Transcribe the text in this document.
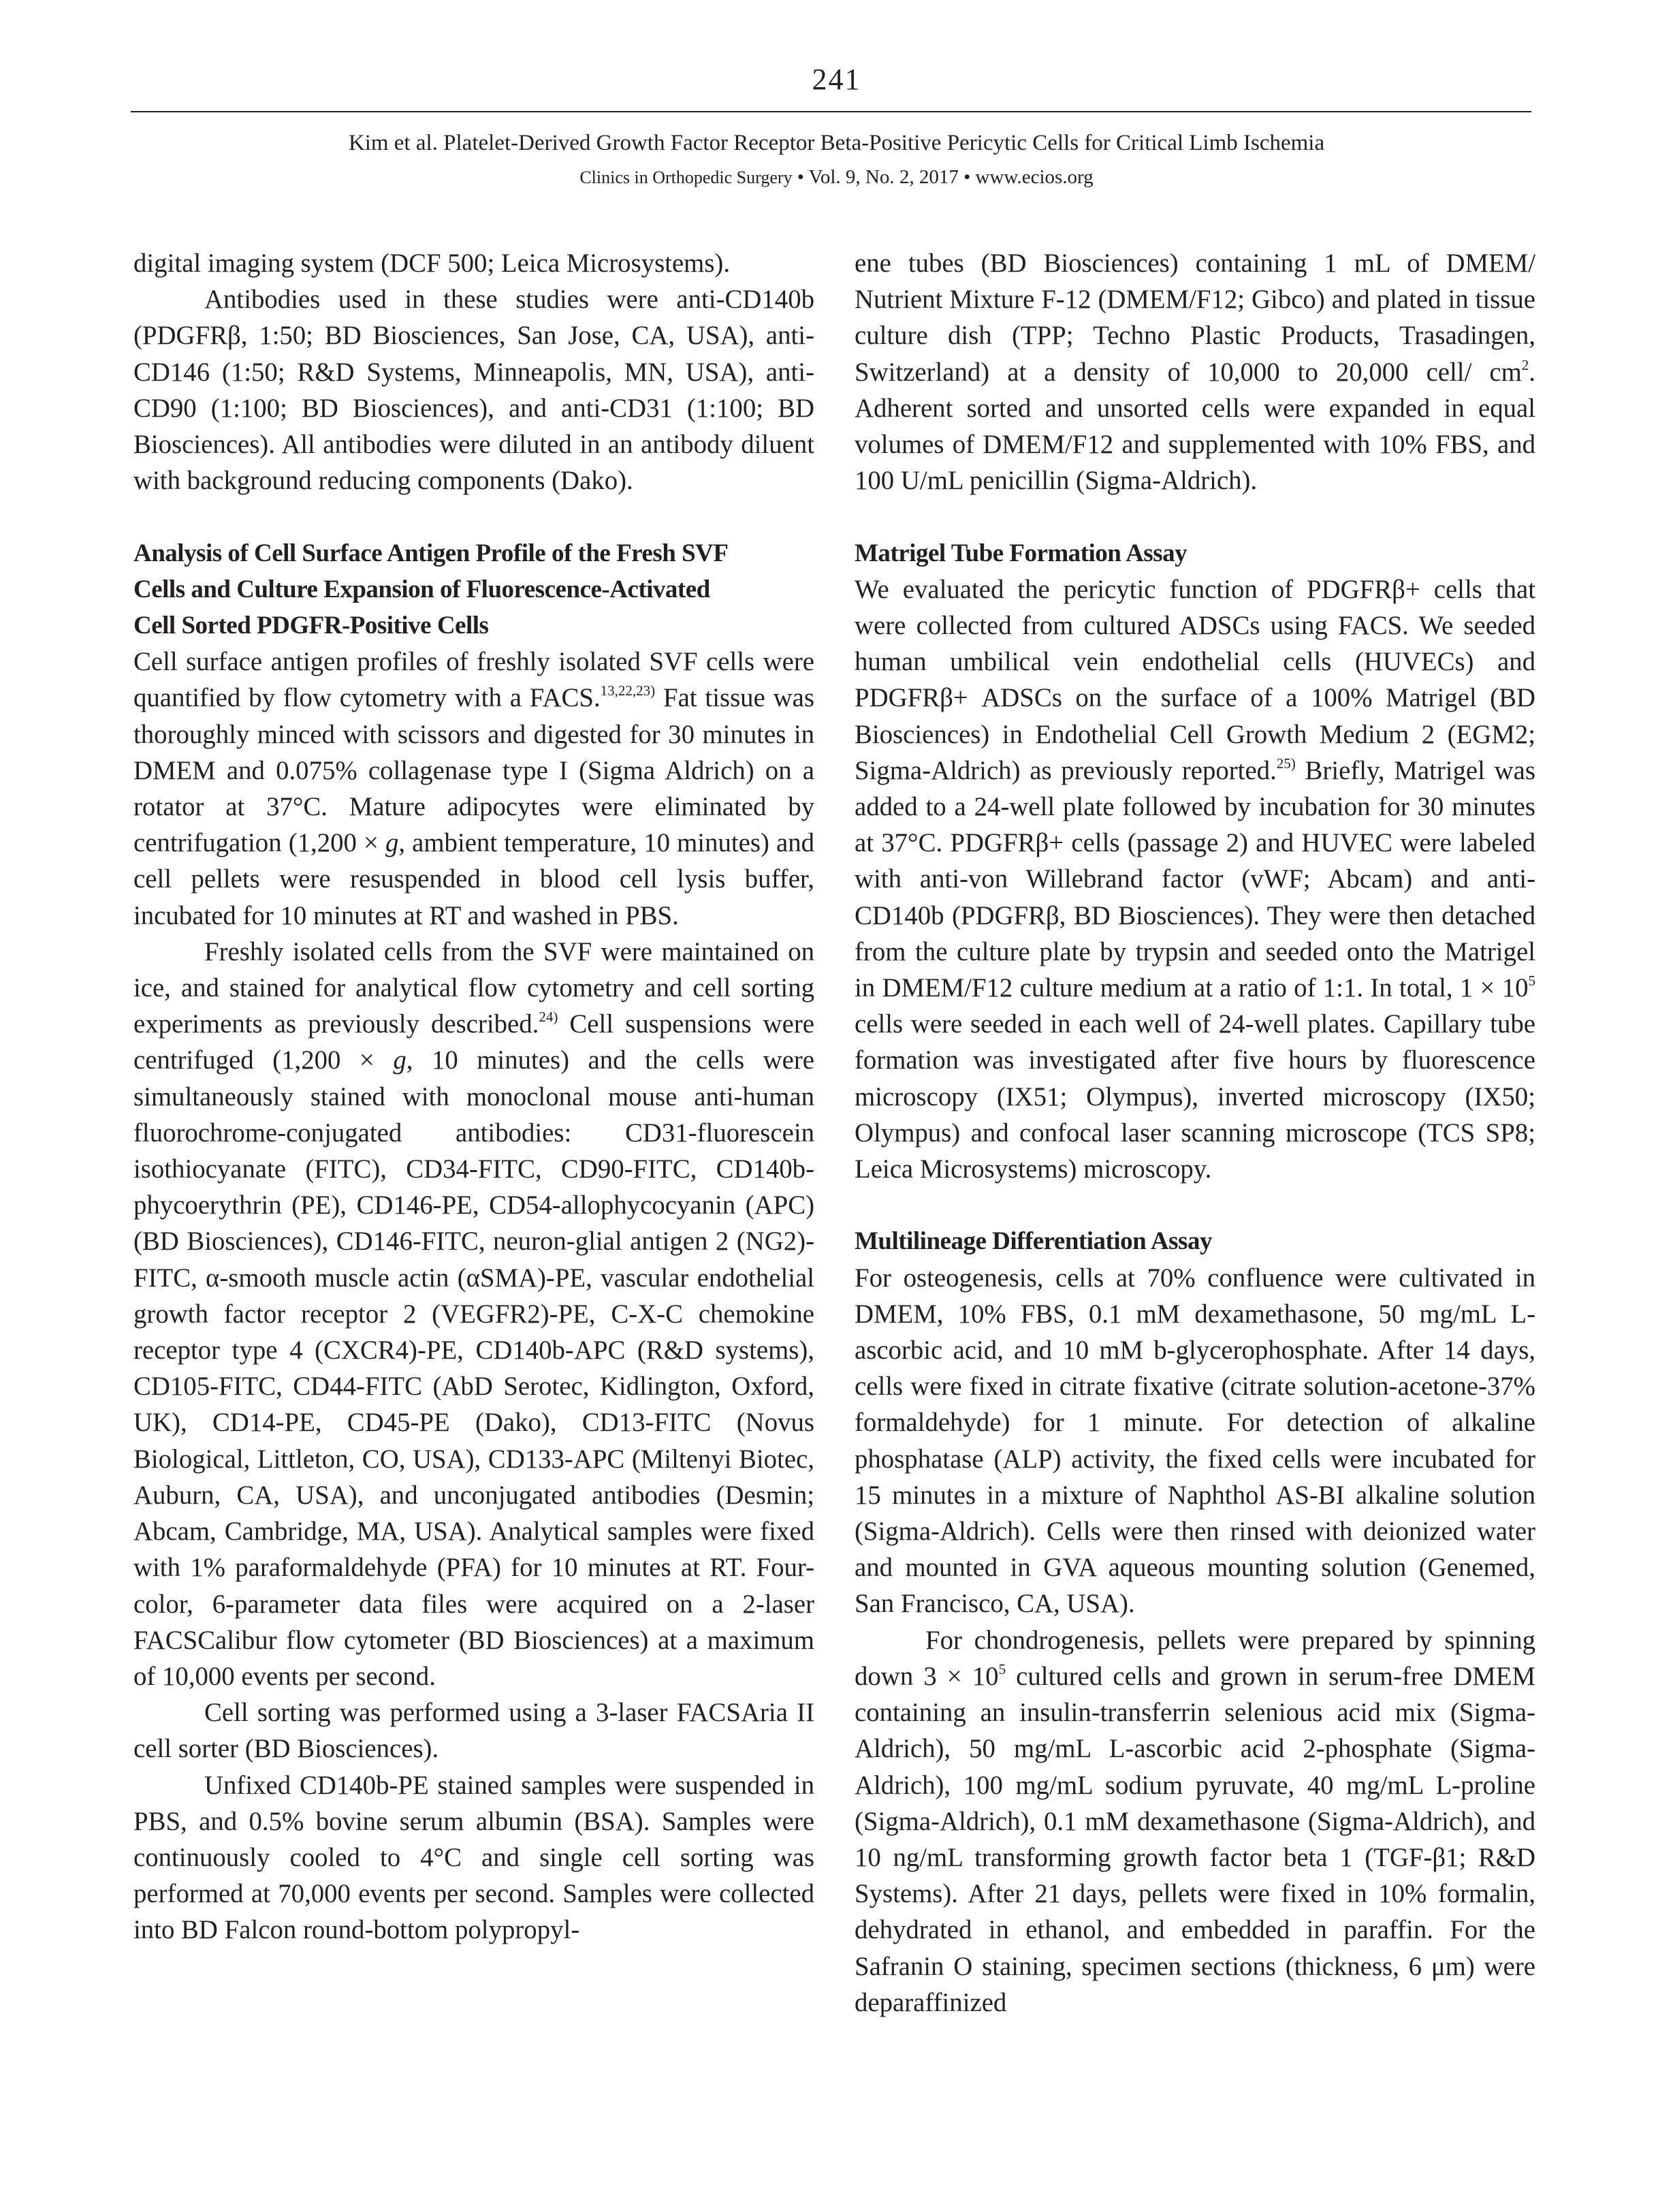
241
Kim et al. Platelet-Derived Growth Factor Receptor Beta-Positive Pericytic Cells for Critical Limb Ischemia
Clinics in Orthopedic Surgery • Vol. 9, No. 2, 2017 • www.ecios.org

digital imaging system (DCF 500; Leica Microsystems).

Antibodies used in these studies were anti-CD140b (PDGFRβ, 1:50; BD Biosciences, San Jose, CA, USA), anti-CD146 (1:50; R&D Systems, Minneapolis, MN, USA), anti-CD90 (1:100; BD Biosciences), and anti-CD31 (1:100; BD Biosciences). All antibodies were diluted in an antibody diluent with background reducing components (Dako).

Analysis of Cell Surface Antigen Profile of the Fresh SVF
Cells and Culture Expansion of Fluorescence-Activated
Cell Sorted PDGFR-Positive Cells

Cell surface antigen profiles of freshly isolated SVF cells were quantified by flow cytometry with a FACS.$^{13,22,23)}$ Fat tissue was thoroughly minced with scissors and digested for 30 minutes in DMEM and 0.075% collagenase type I (Sigma Aldrich) on a rotator at 37°C. Mature adipocytes were eliminated by centrifugation (1,200 × g, ambient temperature, 10 minutes) and cell pellets were resuspended in blood cell lysis buffer, incubated for 10 minutes at RT and washed in PBS.

Freshly isolated cells from the SVF were maintained on ice, and stained for analytical flow cytometry and cell sorting experiments as previously described.$^{24)}$ Cell suspensions were centrifuged (1,200 × g, 10 minutes) and the cells were simultaneously stained with monoclonal mouse anti-human fluorochrome-conjugated antibodies: CD31-fluorescein isothiocyanate (FITC), CD34-FITC, CD90-FITC, CD140b-phycoerythrin (PE), CD146-PE, CD54-allophycocyanin (APC) (BD Biosciences), CD146-FITC, neuron-glial antigen 2 (NG2)-FITC, α-smooth muscle actin (αSMA)-PE, vascular endothelial growth factor receptor 2 (VEGFR2)-PE, C-X-C chemokine receptor type 4 (CXCR4)-PE, CD140b-APC (R&D systems), CD105-FITC, CD44-FITC (AbD Serotec, Kidlington, Oxford, UK), CD14-PE, CD45-PE (Dako), CD13-FITC (Novus Biological, Littleton, CO, USA), CD133-APC (Miltenyi Biotec, Auburn, CA, USA), and unconjugated antibodies (Desmin; Abcam, Cambridge, MA, USA). Analytical samples were fixed with 1% paraformaldehyde (PFA) for 10 minutes at RT. Four-color, 6-parameter data files were acquired on a 2-laser FACSCalibur flow cytometer (BD Biosciences) at a maximum of 10,000 events per second.

Cell sorting was performed using a 3-laser FACSAria II cell sorter (BD Biosciences).

Unfixed CD140b-PE stained samples were suspended in PBS, and 0.5% bovine serum albumin (BSA). Samples were continuously cooled to 4°C and single cell sorting was performed at 70,000 events per second. Samples were collected into BD Falcon round-bottom polypropyl-

ene tubes (BD Biosciences) containing 1 mL of DMEM/ Nutrient Mixture F-12 (DMEM/F12; Gibco) and plated in tissue culture dish (TPP; Techno Plastic Products, Trasadingen, Switzerland) at a density of 10,000 to 20,000 cell/ $cm^2$. Adherent sorted and unsorted cells were expanded in equal volumes of DMEM/F12 and supplemented with 10% FBS, and 100 U/mL penicillin (Sigma-Aldrich).

Matrigel Tube Formation Assay

We evaluated the pericytic function of PDGFRβ+ cells that were collected from cultured ADSCs using FACS. We seeded human umbilical vein endothelial cells (HUVECs) and PDGFRβ+ ADSCs on the surface of a 100% Matrigel (BD Biosciences) in Endothelial Cell Growth Medium 2 (EGM2; Sigma-Aldrich) as previously reported.$^{25)}$ Briefly, Matrigel was added to a 24-well plate followed by incubation for 30 minutes at 37°C. PDGFRβ+ cells (passage 2) and HUVEC were labeled with anti-von Willebrand factor (vWF; Abcam) and anti-CD140b (PDGFRβ, BD Biosciences). They were then detached from the culture plate by trypsin and seeded onto the Matrigel in DMEM/F12 culture medium at a ratio of 1:1. In total, $1 \times 10^5$ cells were seeded in each well of 24-well plates. Capillary tube formation was investigated after five hours by fluorescence microscopy (IX51; Olympus), inverted microscopy (IX50; Olympus) and confocal laser scanning microscope (TCS SP8; Leica Microsystems) microscopy.

Multilineage Differentiation Assay

For osteogenesis, cells at 70% confluence were cultivated in DMEM, 10% FBS, 0.1 mM dexamethasone, 50 mg/mL L-ascorbic acid, and 10 mM b-glycerophosphate. After 14 days, cells were fixed in citrate fixative (citrate solution-acetone-37% formaldehyde) for 1 minute. For detection of alkaline phosphatase (ALP) activity, the fixed cells were incubated for 15 minutes in a mixture of Naphthol AS-BI alkaline solution (Sigma-Aldrich). Cells were then rinsed with deionized water and mounted in GVA aqueous mounting solution (Genemed, San Francisco, CA, USA).

For chondrogenesis, pellets were prepared by spinning down $3 \times 10^5$ cultured cells and grown in serum-free DMEM containing an insulin-transferrin selenious acid mix (Sigma-Aldrich), 50 mg/mL L-ascorbic acid 2-phosphate (Sigma-Aldrich), 100 mg/mL sodium pyruvate, 40 mg/mL L-proline (Sigma-Aldrich), 0.1 mM dexamethasone (Sigma-Aldrich), and 10 ng/mL transforming growth factor beta 1 (TGF-β1; R&D Systems). After 21 days, pellets were fixed in 10% formalin, dehydrated in ethanol, and embedded in paraffin. For the Safranin O staining, specimen sections (thickness, 6 μm) were deparaffinized
